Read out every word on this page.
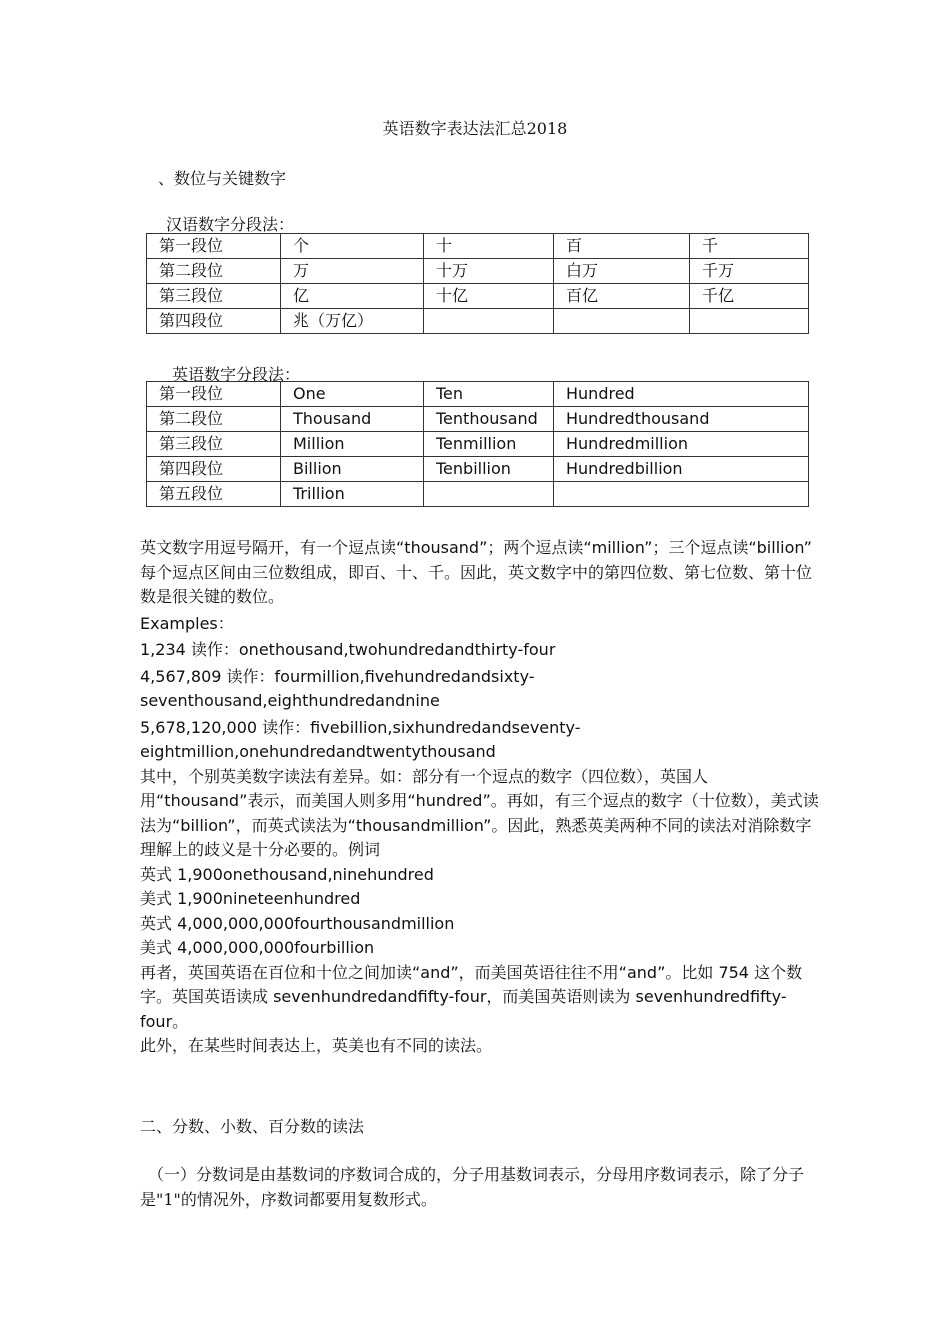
英语数字表达法汇总2018
、数位与关键数字
汉语数字分段法：
第一段位	个	十	百	千
第二段位	万	十万	白万	千万
第三段位	亿	十亿	百亿	千亿
第四段位	兆（万亿）			
英语数字分段法：
第一段位	One	Ten	Hundred
第二段位	Thousand	Tenthousand	Hundredthousand
第三段位	Million	Tenmillion	Hundredmillion
第四段位	Billion	Tenbillion	Hundredbillion
第五段位	Trillion		

英文数字用逗号隔开，有一个逗点读“thousand”；两个逗点读“million”；三个逗点读“billion”

每个逗点区间由三位数组成，即百、十、千。因此，英文数字中的第四位数、第七位数、第十位数是很关键的数位。

Examples：

1,234 读作：onethousand,twohundredandthirty-four

4,567,809 读作：fourmillion,fivehundredandsixty-seventhousand,eighthundredandnine

5,678,120,000 读作：fivebillion,sixhundredandseventy-eightmillion,onehundredandtwentythousand

其中，个别英美数字读法有差异。如：部分有一个逗点的数字（四位数），英国人用“thousand”表示，而美国人则多用“hundred”。再如，有三个逗点的数字（十位数），美式读法为“billion”，而英式读法为“thousandmillion”。因此，熟悉英美两种不同的读法对消除数字理解上的歧义是十分必要的。例词

英式 1,900onethousand,ninehundred

美式 1,900nineteenhundred

英式 4,000,000,000fourthousandmillion

美式 4,000,000,000fourbillion

再者，英国英语在百位和十位之间加读“and”，而美国英语往往不用“and”。比如 754 这个数字。英国英语读成 sevenhundredandfifty-four，而美国英语则读为 sevenhundredfifty-four。

此外，在某些时间表达上，英美也有不同的读法。

二、分数、小数、百分数的读法
（一）分数词是由基数词的序数词合成的，分子用基数词表示，分母用序数词表示，除了分子是"1"的情况外，序数词都要用复数形式。
